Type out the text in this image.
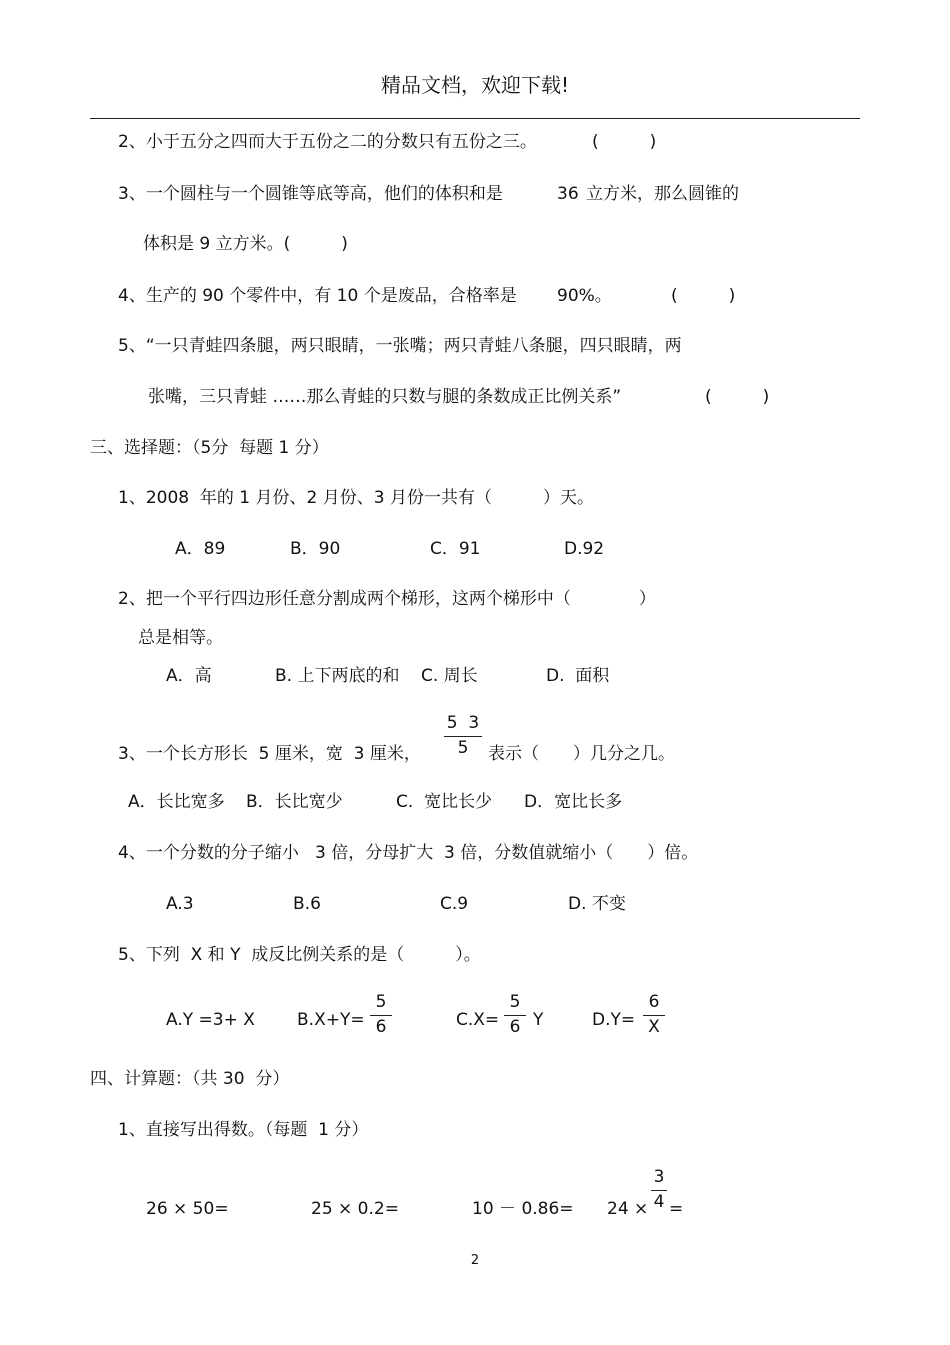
精品文档，欢迎下载!
2、小于五分之四而大于五份之二的分数只有五份之三。	(　　　)
3、一个圆柱与一个圆锥等底等高，他们的体积和是	36 立方米，那么圆锥的
体积是 9 立方米。(　　　)
4、生产的 90 个零件中，有 10 个是废品，合格率是 90%。	(　　　)
5、“一只青蛙四条腿，两只眼睛，一张嘴；两只青蛙八条腿，四只眼睛，两
张嘴，三只青蛙 ……那么青蛙的只数与腿的条数成正比例关系”	(　　　)
三、选择题：（5分  每题 1 分）
1、2008  年的 1 月份、2 月份、3 月份一共有（　　　）天。
A．89	B．90	C．91	D.92
2、把一个平行四边形任意分割成两个梯形，这两个梯形中（　　　　）
总是相等。
A．高	B. 上下两底的和 C. 周长	D.  面积
3、一个长方形长  5 厘米，宽  3 厘米，
5  3
5 表示（　　）几分之几。
A．长比宽多 B．长比宽少	C.  宽比长少 D．宽比长多
4、一个分数的分子缩小   3 倍，分母扩大  3 倍，分数值就缩小（　　）倍。
A.3	B.6	C.9	D. 不变
5、下列  X 和 Y  成反比例关系的是（　　　）。
A.Y =3+ X B.X+Y=
5
6	C.X=
5
6 Y	D.Y=
6
X
四、计算题：（共 30  分）
1、直接写出得数。（每题  1 分）
26 × 50=	25 × 0.2=	10 － 0.86= 24 ×
3
4 =
2
